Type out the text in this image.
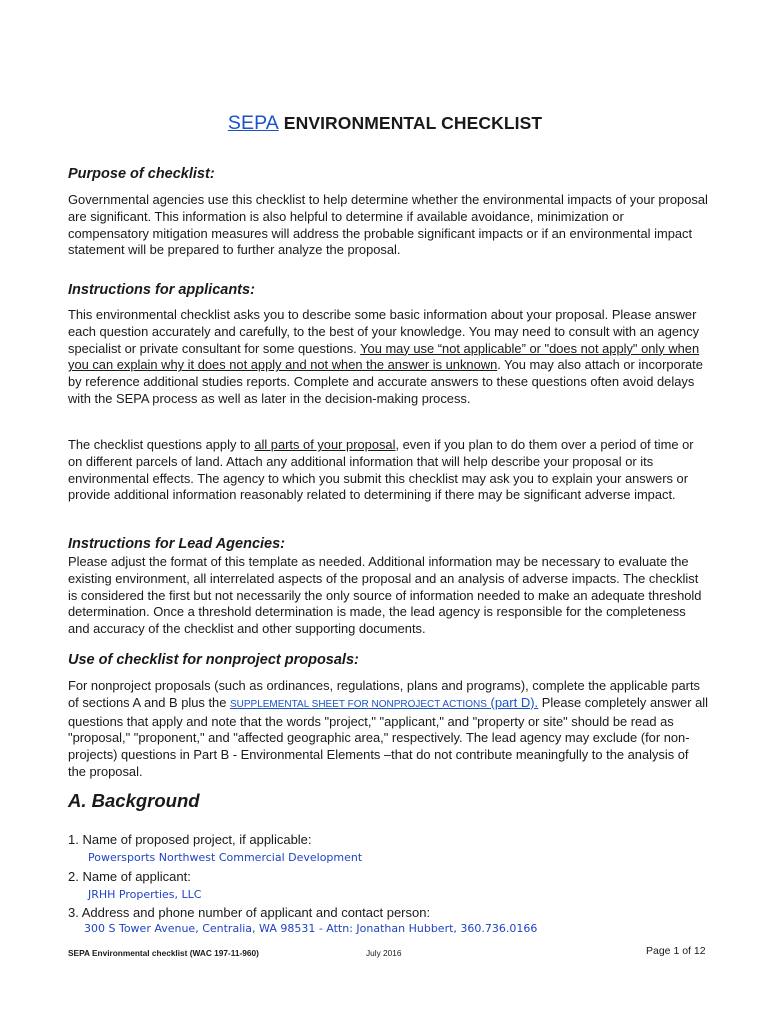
SEPA ENVIRONMENTAL CHECKLIST
Purpose of checklist:

Governmental agencies use this checklist to help determine whether the environmental impacts of your proposal are significant. This information is also helpful to determine if available avoidance, minimization or compensatory mitigation measures will address the probable significant impacts or if an environmental impact statement will be prepared to further analyze the proposal.

Instructions for applicants:

This environmental checklist asks you to describe some basic information about your proposal. Please answer each question accurately and carefully, to the best of your knowledge. You may need to consult with an agency specialist or private consultant for some questions. You may use “not applicable” or "does not apply" only when you can explain why it does not apply and not when the answer is unknown. You may also attach or incorporate by reference additional studies reports. Complete and accurate answers to these questions often avoid delays with the SEPA process as well as later in the decision-making process.

The checklist questions apply to all parts of your proposal, even if you plan to do them over a period of time or on different parcels of land. Attach any additional information that will help describe your proposal or its environmental effects. The agency to which you submit this checklist may ask you to explain your answers or provide additional information reasonably related to determining if there may be significant adverse impact.

Instructions for Lead Agencies:

Please adjust the format of this template as needed. Additional information may be necessary to evaluate the existing environment, all interrelated aspects of the proposal and an analysis of adverse impacts. The checklist is considered the first but not necessarily the only source of information needed to make an adequate threshold determination. Once a threshold determination is made, the lead agency is responsible for the completeness and accuracy of the checklist and other supporting documents.

Use of checklist for nonproject proposals:

For nonproject proposals (such as ordinances, regulations, plans and programs), complete the applicable parts of sections A and B plus the SUPPLEMENTAL SHEET FOR NONPROJECT ACTIONS (part D). Please completely answer all questions that apply and note that the words "project," "applicant," and "property or site" should be read as "proposal," "proponent," and "affected geographic area," respectively. The lead agency may exclude (for non-projects) questions in Part B - Environmental Elements –that do not contribute meaningfully to the analysis of the proposal.

A. Background
1. Name of proposed project, if applicable:
Powersports Northwest Commercial Development
2. Name of applicant:
JRHH Properties, LLC
3. Address and phone number of applicant and contact person:
300 S Tower Avenue, Centralia, WA 98531 - Attn: Jonathan Hubbert, 360.736.0166
SEPA Environmental checklist (WAC 197-11-960)	July 2016	Page 1 of 12
